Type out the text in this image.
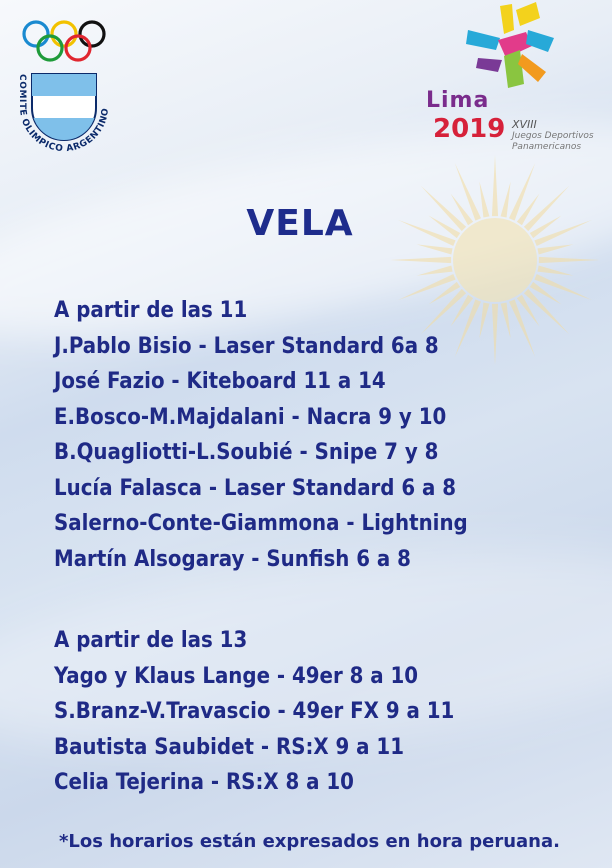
COMITE OLIMPICO ARGENTINO	Lima
2019 XVIII
Juegos Deportivos
Panamericanos
VELA
A partir de las 11
J.Pablo Bisio - Laser Standard 6a 8
José Fazio - Kiteboard 11 a 14
E.Bosco-M.Majdalani - Nacra 9 y 10
B.Quagliotti-L.Soubié - Snipe 7 y 8
Lucía Falasca - Laser Standard 6 a 8
Salerno-Conte-Giammona - Lightning
Martín Alsogaray - Sunfish 6 a 8
A partir de las 13
Yago y Klaus Lange - 49er 8 a 10
S.Branz-V.Travascio - 49er FX 9 a 11
Bautista Saubidet - RS:X 9 a 11
Celia Tejerina - RS:X 8 a 10
*Los horarios están expresados en hora peruana.
